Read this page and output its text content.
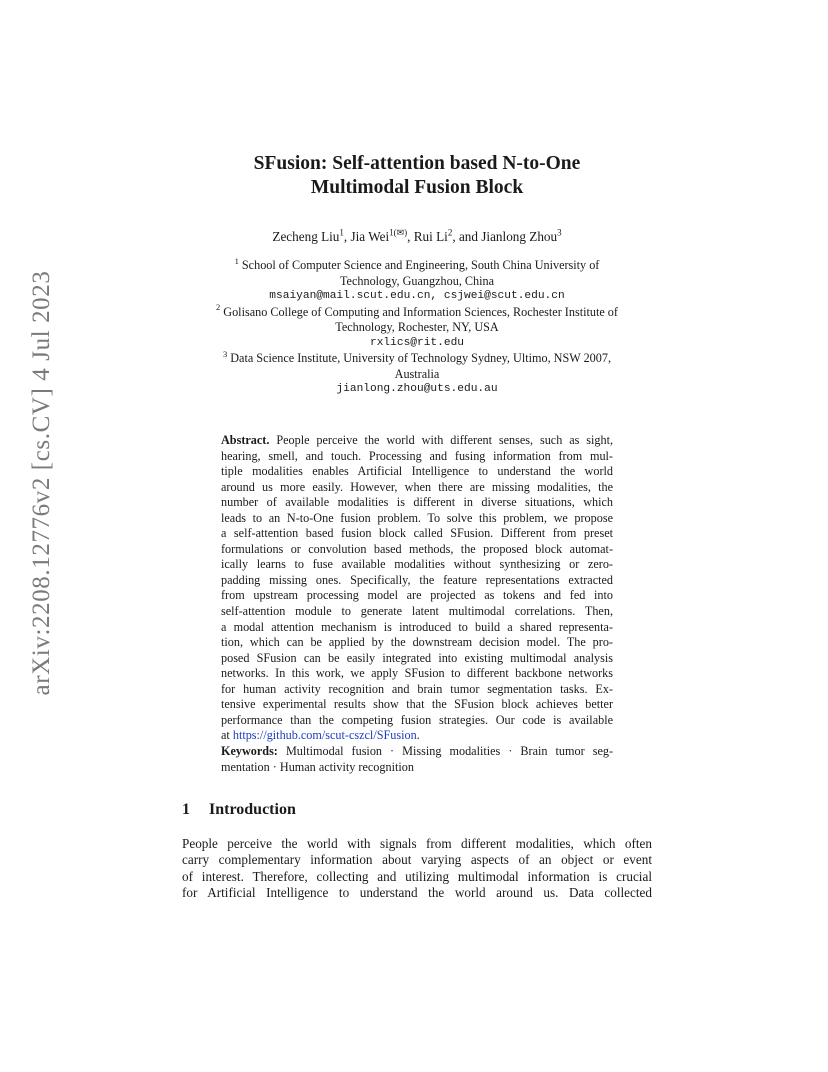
arXiv:2208.12776v2 [cs.CV] 4 Jul 2023
SFusion: Self-attention based N-to-One
Multimodal Fusion Block
Zecheng Liu$^1$, Jia Wei$^{1(✉)}$, Rui Li$^2$, and Jianlong Zhou$^3$
$^1$ School of Computer Science and Engineering, South China University of
Technology, Guangzhou, China
msaiyan@mail.scut.edu.cn, csjwei@scut.edu.cn
$^2$ Golisano College of Computing and Information Sciences, Rochester Institute of
Technology, Rochester, NY, USA
rxlics@rit.edu
$^3$ Data Science Institute, University of Technology Sydney, Ultimo, NSW 2007,
Australia
jianlong.zhou@uts.edu.au
Abstract. People perceive the world with different senses, such as sight,
hearing, smell, and touch. Processing and fusing information from mul-
tiple modalities enables Artificial Intelligence to understand the world
around us more easily. However, when there are missing modalities, the
number of available modalities is different in diverse situations, which
leads to an N-to-One fusion problem. To solve this problem, we propose
a self-attention based fusion block called SFusion. Different from preset
formulations or convolution based methods, the proposed block automat-
ically learns to fuse available modalities without synthesizing or zero-
padding missing ones. Specifically, the feature representations extracted
from upstream processing model are projected as tokens and fed into
self-attention module to generate latent multimodal correlations. Then,
a modal attention mechanism is introduced to build a shared representa-
tion, which can be applied by the downstream decision model. The pro-
posed SFusion can be easily integrated into existing multimodal analysis
networks. In this work, we apply SFusion to different backbone networks
for human activity recognition and brain tumor segmentation tasks. Ex-
tensive experimental results show that the SFusion block achieves better
performance than the competing fusion strategies. Our code is available
at https://github.com/scut-cszcl/SFusion.
Keywords: Multimodal fusion · Missing modalities · Brain tumor seg-
mentation · Human activity recognition
1 Introduction
People perceive the world with signals from different modalities, which often
carry complementary information about varying aspects of an object or event
of interest. Therefore, collecting and utilizing multimodal information is crucial
for Artificial Intelligence to understand the world around us. Data collected
